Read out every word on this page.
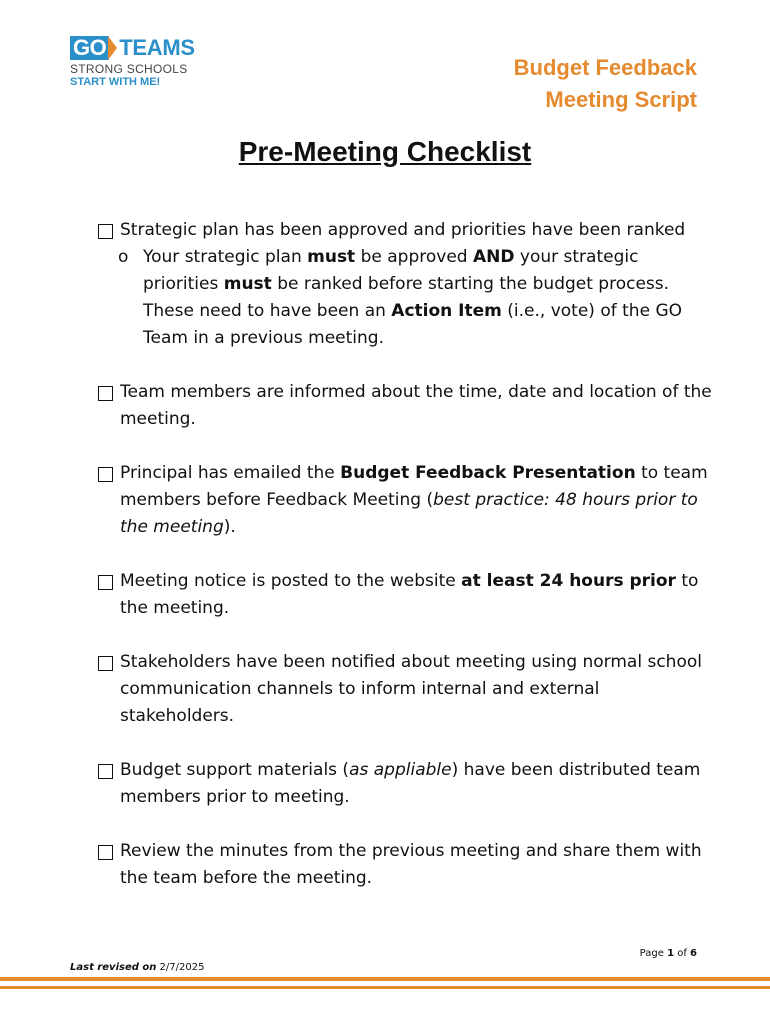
GO TEAMS
STRONG SCHOOLS
START WITH ME!
Budget Feedback
Meeting Script
Pre-Meeting Checklist
Strategic plan has been approved and priorities have been ranked
o Your strategic plan must be approved AND your strategic priorities must be ranked before starting the budget process. These need to have been an Action Item (i.e., vote) of the GO Team in a previous meeting.
Team members are informed about the time, date and location of the meeting.
Principal has emailed the Budget Feedback Presentation to team members before Feedback Meeting (best practice: 48 hours prior to the meeting).
Meeting notice is posted to the website at least 24 hours prior to the meeting.
Stakeholders have been notified about meeting using normal school communication channels to inform internal and external stakeholders.
Budget support materials (as appliable) have been distributed team members prior to meeting.
Review the minutes from the previous meeting and share them with the team before the meeting.
Page 1 of 6
Last revised on 2/7/2025
